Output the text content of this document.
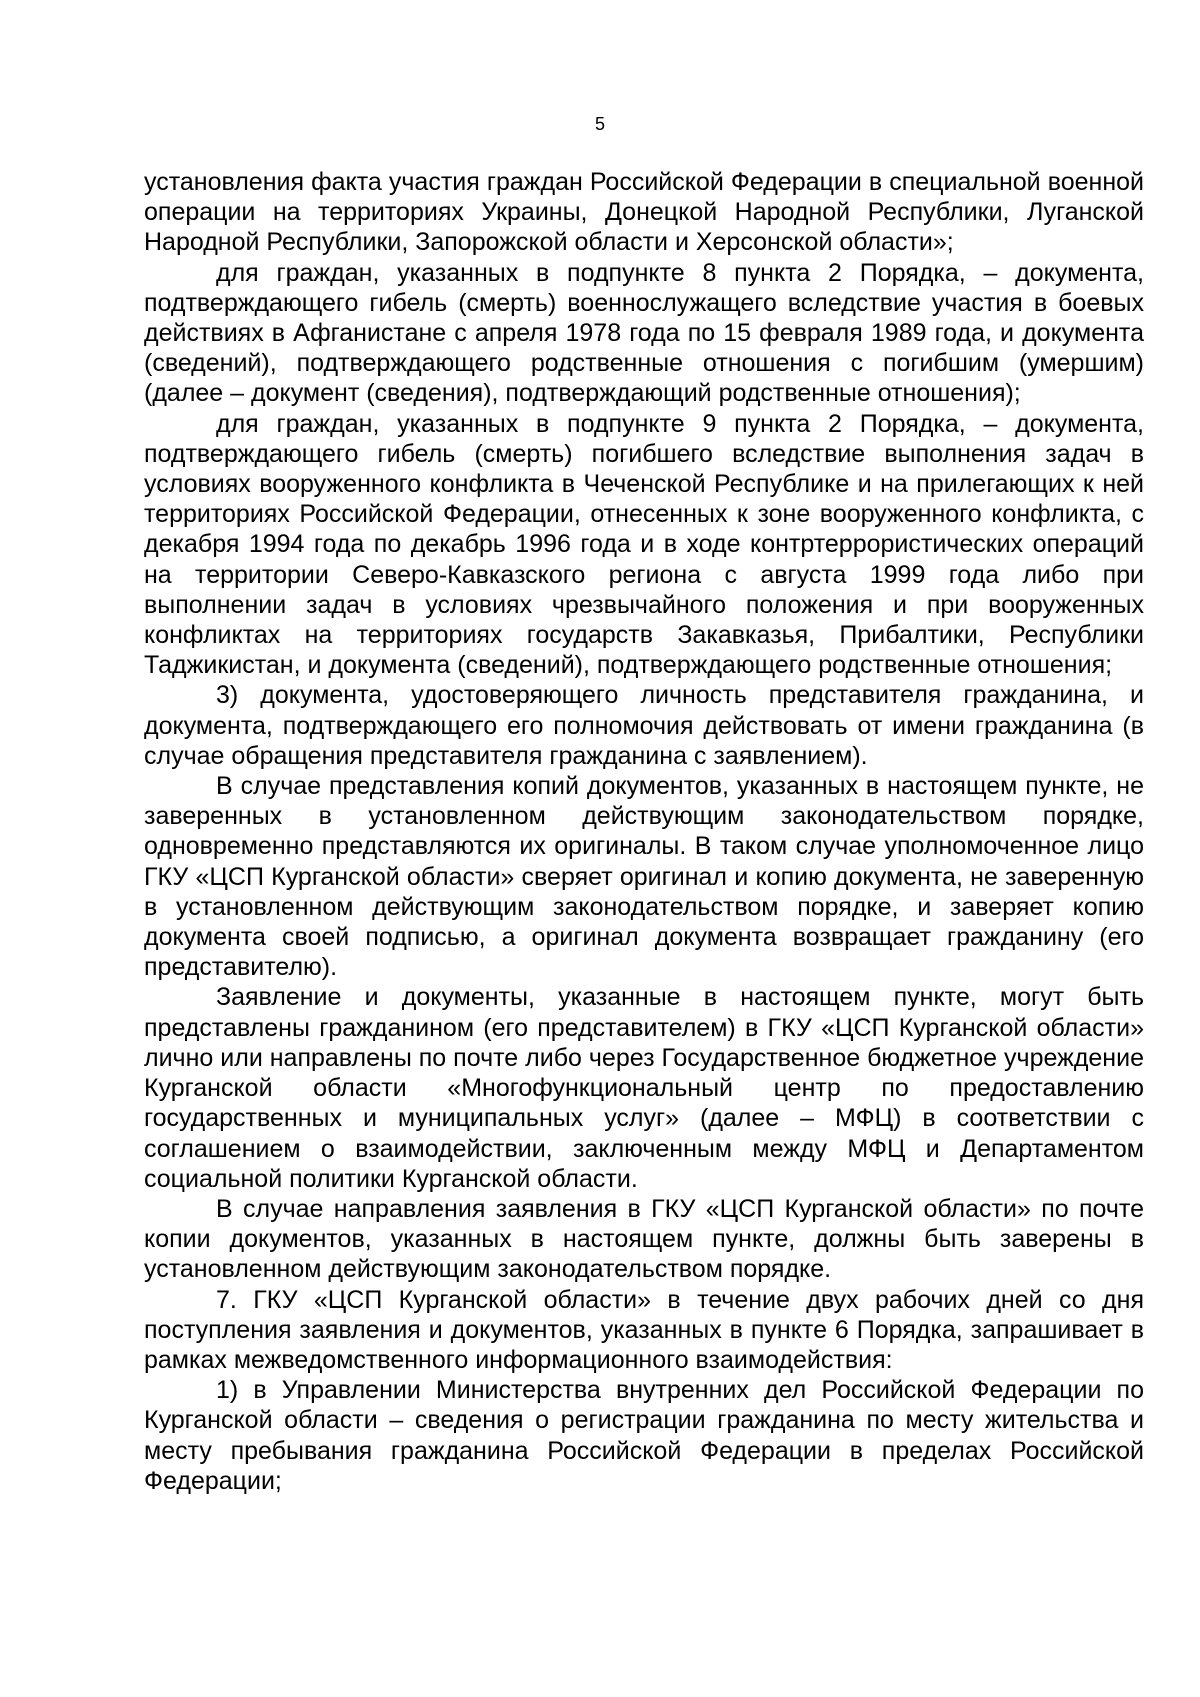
5

установления факта участия граждан Российской Федерации в специальной военной операции на территориях Украины, Донецкой Народной Республики, Луганской Народной Республики, Запорожской области и Херсонской области»;

для граждан, указанных в подпункте 8 пункта 2 Порядка, – документа, подтверждающего гибель (смерть) военнослужащего вследствие участия в боевых действиях в Афганистане с апреля 1978 года по 15 февраля 1989 года, и документа (сведений), подтверждающего родственные отношения с погибшим (умершим) (далее – документ (сведения), подтверждающий родственные отношения);

для граждан, указанных в подпункте 9 пункта 2 Порядка, – документа, подтверждающего гибель (смерть) погибшего вследствие выполнения задач в условиях вооруженного конфликта в Чеченской Республике и на прилегающих к ней территориях Российской Федерации, отнесенных к зоне вооруженного конфликта, с декабря 1994 года по декабрь 1996 года и в ходе контртеррористических операций на территории Северо-Кавказского региона с августа 1999 года либо при выполнении задач в условиях чрезвычайного положения и при вооруженных конфликтах на территориях государств Закавказья, Прибалтики, Республики Таджикистан, и документа (сведений), подтверждающего родственные отношения;

3) документа, удостоверяющего личность представителя гражданина, и документа, подтверждающего его полномочия действовать от имени гражданина (в случае обращения представителя гражданина с заявлением).

В случае представления копий документов, указанных в настоящем пункте, не заверенных в установленном действующим законодательством порядке, одновременно представляются их оригиналы. В таком случае уполномоченное лицо ГКУ «ЦСП Курганской области» сверяет оригинал и копию документа, не заверенную в установленном действующим законодательством порядке, и заверяет копию документа своей подписью, а оригинал документа возвращает гражданину (его представителю).

Заявление и документы, указанные в настоящем пункте, могут быть представлены гражданином (его представителем) в ГКУ «ЦСП Курганской области» лично или направлены по почте либо через Государственное бюджетное учреждение Курганской области «Многофункциональный центр по предоставлению государственных и муниципальных услуг» (далее – МФЦ) в соответствии с соглашением о взаимодействии, заключенным между МФЦ и Департаментом социальной политики Курганской области.

В случае направления заявления в ГКУ «ЦСП Курганской области» по почте копии документов, указанных в настоящем пункте, должны быть заверены в установленном действующим законодательством порядке.

7. ГКУ «ЦСП Курганской области» в течение двух рабочих дней со дня поступления заявления и документов, указанных в пункте 6 Порядка, запрашивает в рамках межведомственного информационного взаимодействия:

1) в Управлении Министерства внутренних дел Российской Федерации по Курганской области – сведения о регистрации гражданина по месту жительства и месту пребывания гражданина Российской Федерации в пределах Российской Федерации;
